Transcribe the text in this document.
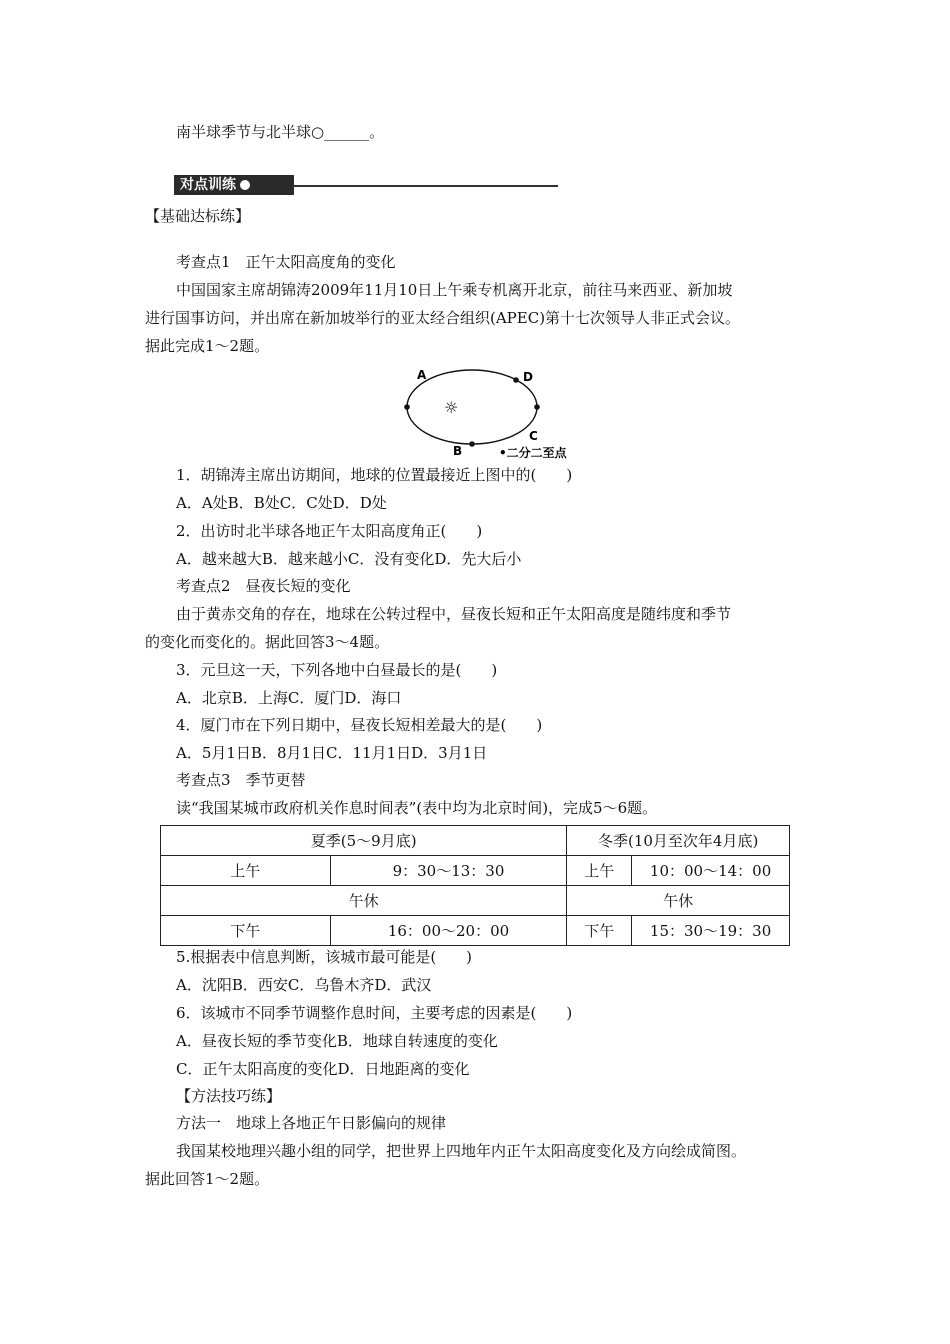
南半球季节与北半球○______。
对点训练
【基础达标练】
考查点1　正午太阳高度角的变化
中国国家主席胡锦涛2009年11月10日上午乘专机离开北京，前往马来西亚、新加坡
进行国事访问，并出席在新加坡举行的亚太经合组织(APEC)第十七次领导人非正式会议。
据此完成1～2题。
A	D
C
B
☼
•二分二至点
1．胡锦涛主席出访期间，地球的位置最接近上图中的(　　)
A．A处B．B处C．C处D．D处
2．出访时北半球各地正午太阳高度角正(　　)
A．越来越大B．越来越小C．没有变化D．先大后小
考查点2　昼夜长短的变化
由于黄赤交角的存在，地球在公转过程中，昼夜长短和正午太阳高度是随纬度和季节
的变化而变化的。据此回答3～4题。
3．元旦这一天，下列各地中白昼最长的是(　　)
A．北京B．上海C．厦门D．海口
4．厦门市在下列日期中，昼夜长短相差最大的是(　　)
A．5月1日B．8月1日C．11月1日D．3月1日
考查点3　季节更替
读“我国某城市政府机关作息时间表”(表中均为北京时间)，完成5～6题。
夏季(5～9月底)		冬季(10月至次年4月底)	
上午	9：30～13：30	上午	10：00～14：00
午休		午休	
下午	16：00～20：00	下午	15：30～19：30
5.根据表中信息判断，该城市最可能是(　　)
A．沈阳B．西安C．乌鲁木齐D．武汉
6．该城市不同季节调整作息时间，主要考虑的因素是(　　)
A．昼夜长短的季节变化B．地球自转速度的变化
C．正午太阳高度的变化D．日地距离的变化
【方法技巧练】
方法一　地球上各地正午日影偏向的规律
我国某校地理兴趣小组的同学，把世界上四地年内正午太阳高度变化及方向绘成简图。
据此回答1～2题。
